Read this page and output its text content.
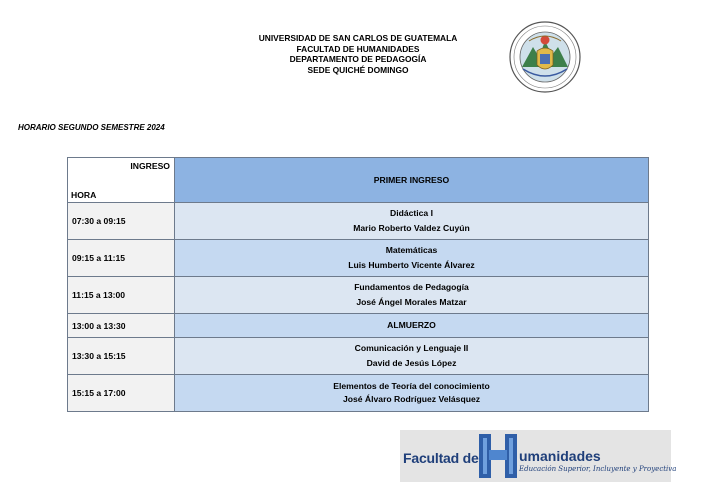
UNIVERSIDAD DE SAN CARLOS DE GUATEMALA
FACULTAD DE HUMANIDADES
DEPARTAMENTO DE PEDAGOGÍA
SEDE QUICHÉ DOMINGO
HORARIO SEGUNDO SEMESTRE 2024
INGRESO
HORA	PRIMER INGRESO
07:30 a 09:15	Didáctica I
Mario Roberto Valdez Cuyún

09:15 a 11:15	Matemáticas
Luis Humberto Vicente Álvarez

11:15 a 13:00	Fundamentos de Pedagogía
José Ángel Morales Matzar

13:00 a 13:30	ALMUERZO
13:30 a 15:15	Comunicación y Lenguaje II
David de Jesús López

15:15 a 17:00	Elementos de Teoría del conocimiento
José Álvaro Rodríguez Velásquez
Facultad de	umanidades
Educación Superior, Incluyente y Proyectiva
